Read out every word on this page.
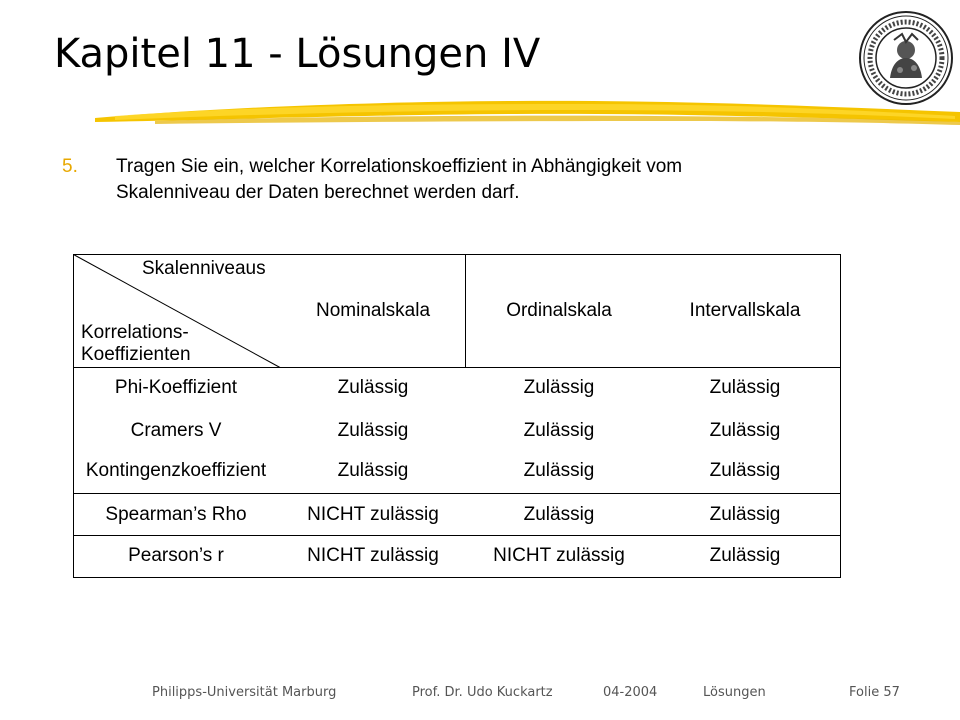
Kapitel 11 - Lösungen IV
5. Tragen Sie ein, welcher Korrelationskoeffizient in Abhängigkeit vom
Skalenniveau der Daten berechnet werden darf.
Skalenniveaus
Korrelations-
Koeffizienten
Nominalskala	Ordinalskala	Intervallskala
Phi-Koeffizient	Zulässig	Zulässig	Zulässig
Cramers V	Zulässig	Zulässig	Zulässig
Kontingenzkoeffizient	Zulässig	Zulässig	Zulässig
Spearman’s Rho	NICHT zulässig	Zulässig	Zulässig
Pearson’s r	NICHT zulässig	NICHT zulässig	Zulässig
Philipps-Universität Marburg	Prof. Dr. Udo Kuckartz	04-2004	Lösungen	Folie 57
